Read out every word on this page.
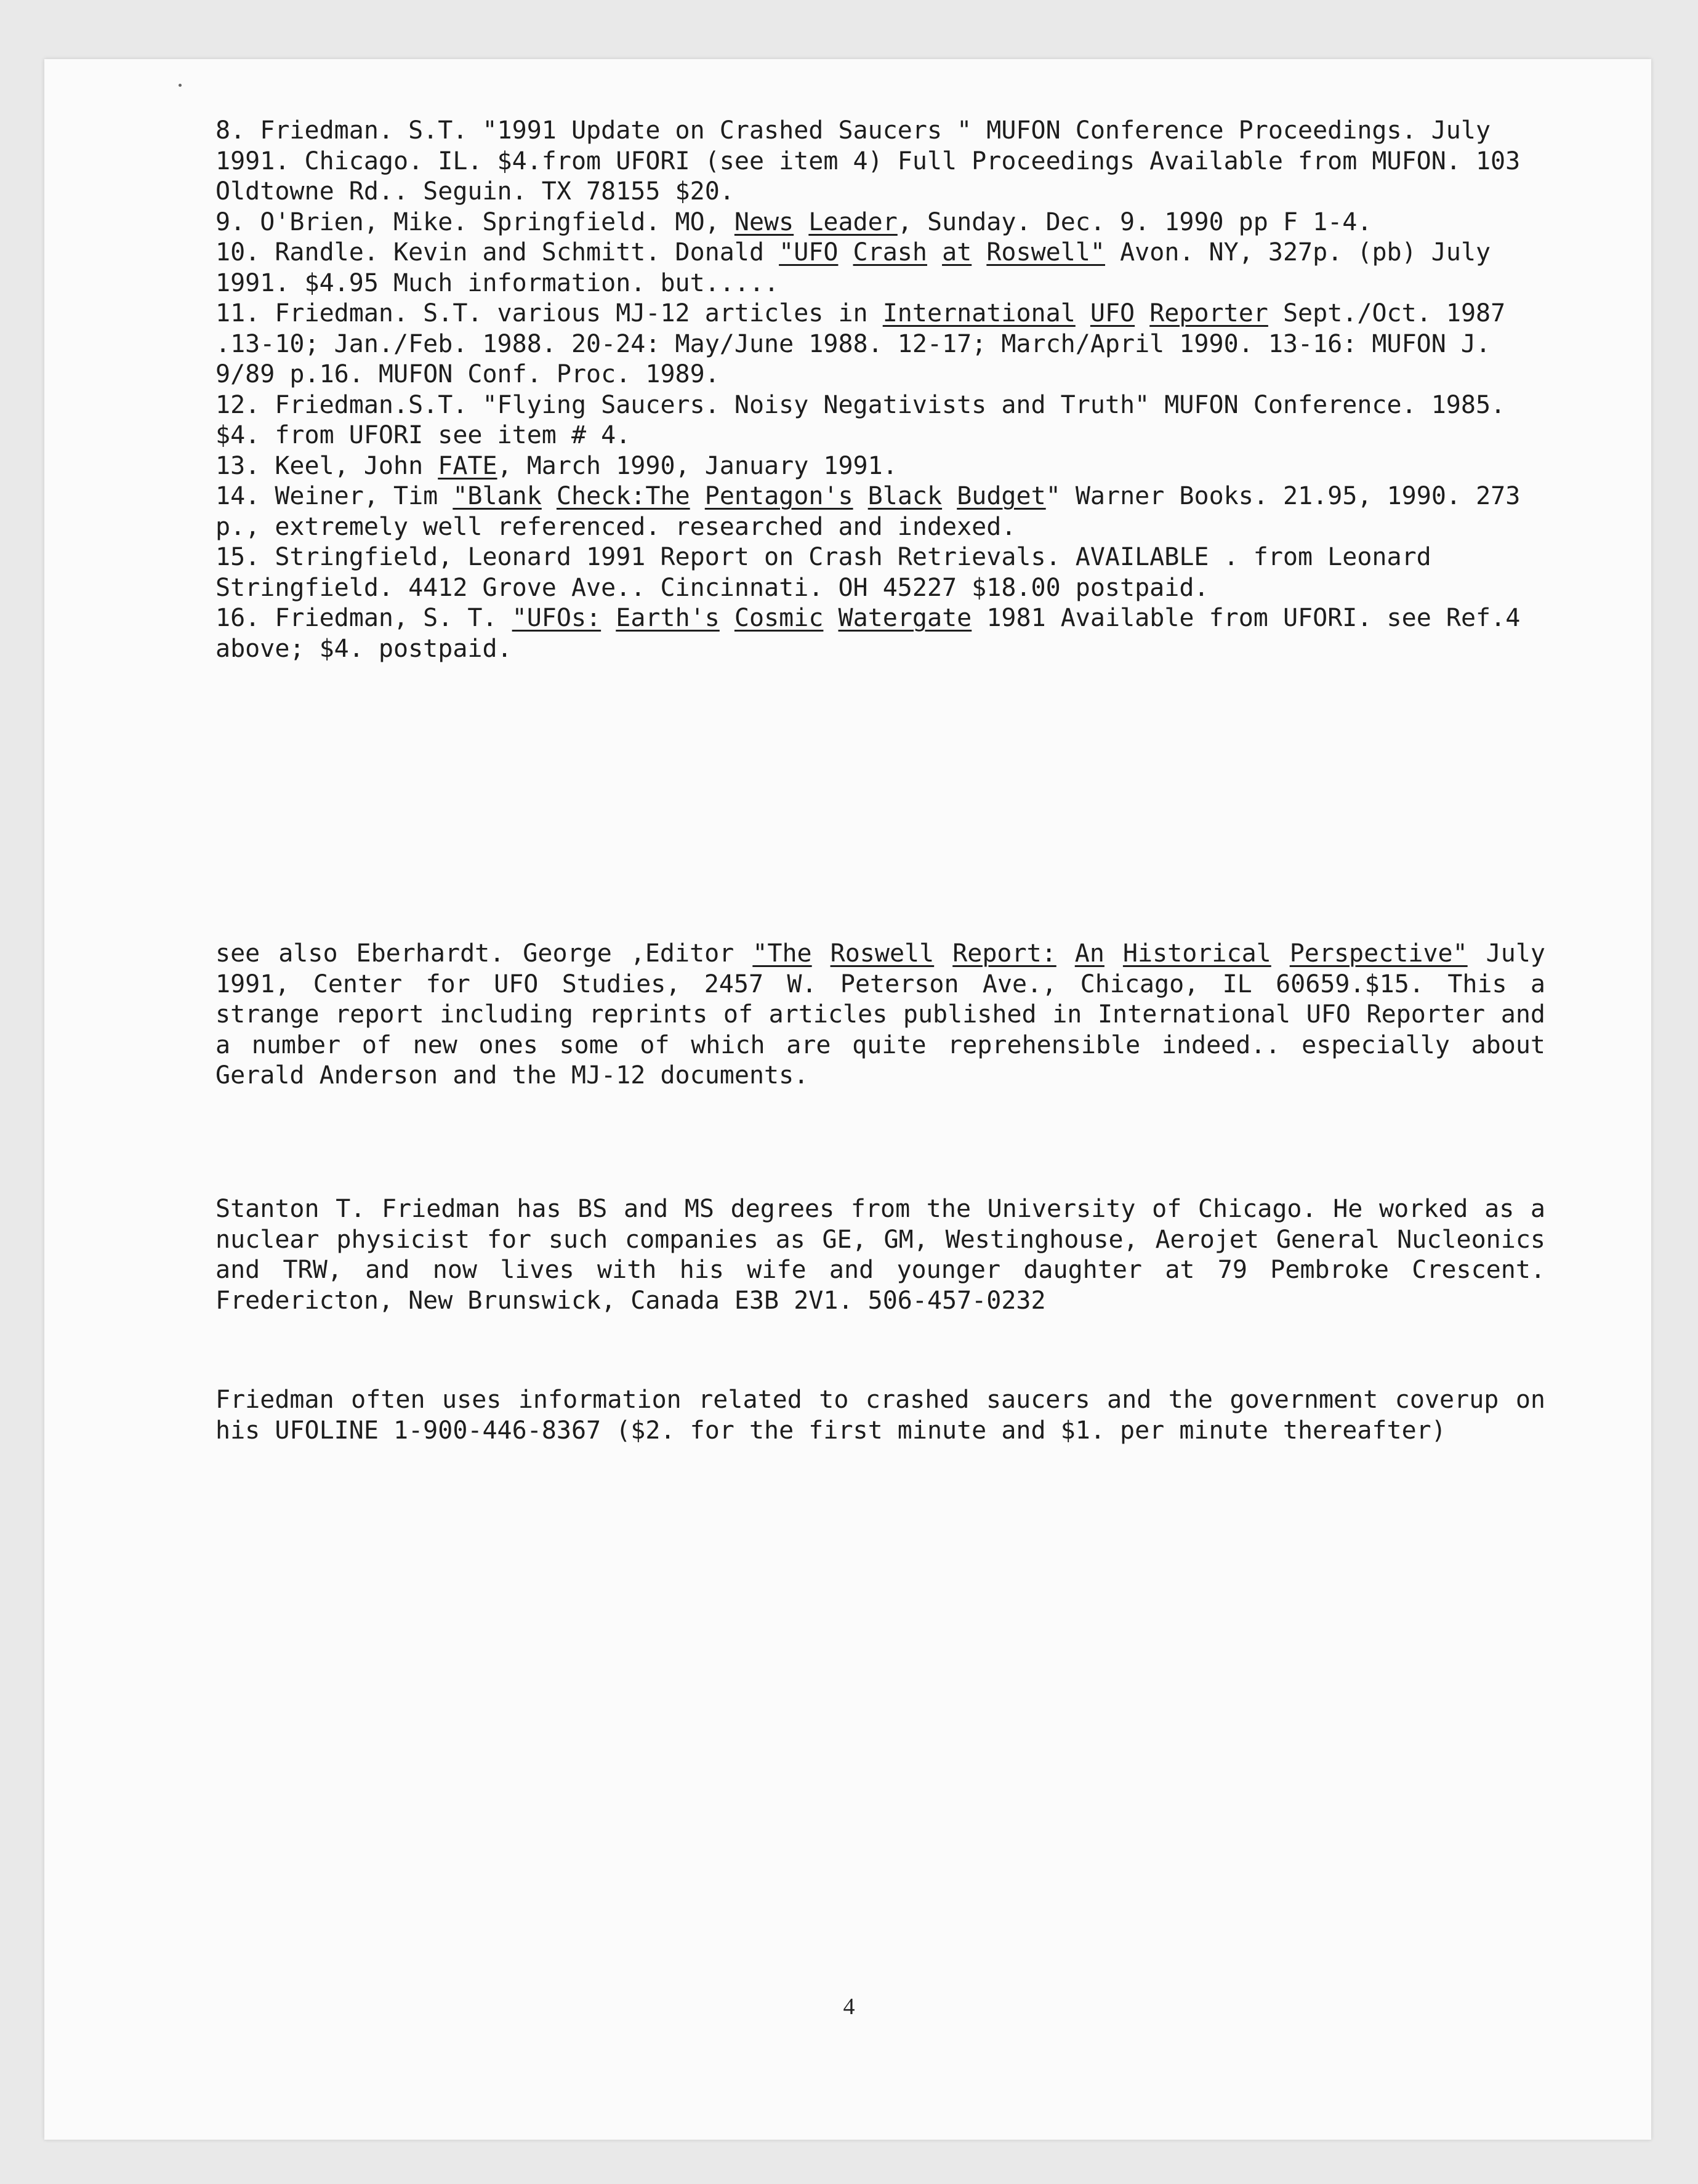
8. Friedman. S.T. "1991 Update on Crashed Saucers " MUFON Conference Proceedings. July 1991. Chicago. IL. $4.from UFORI (see item 4) Full Proceedings Available from MUFON. 103 Oldtowne Rd.. Seguin. TX 78155 $20.

9. O'Brien, Mike. Springfield. MO, News Leader, Sunday. Dec. 9. 1990 pp F 1-4.

10. Randle. Kevin and Schmitt. Donald "UFO Crash at Roswell" Avon. NY, 327p. (pb) July 1991. $4.95 Much information. but.....

11. Friedman. S.T. various MJ-12 articles in International UFO Reporter Sept./Oct. 1987 .13-10; Jan./Feb. 1988. 20-24: May/June 1988. 12-17; March/April 1990. 13-16: MUFON J. 9/89 p.16. MUFON Conf. Proc. 1989.

12. Friedman.S.T. "Flying Saucers. Noisy Negativists and Truth" MUFON Conference. 1985. $4. from UFORI see item # 4.

13. Keel, John FATE, March 1990, January 1991.

14. Weiner, Tim "Blank Check:The Pentagon's Black Budget" Warner Books. 21.95, 1990. 273 p., extremely well referenced. researched and indexed.

15. Stringfield, Leonard 1991 Report on Crash Retrievals. AVAILABLE . from Leonard Stringfield. 4412 Grove Ave.. Cincinnati. OH 45227 $18.00 postpaid.

16. Friedman, S. T. "UFOs: Earth's Cosmic Watergate 1981 Available from UFORI. see Ref.4 above; $4. postpaid.

see also Eberhardt. George ,Editor "The Roswell Report: An Historical Perspective" July 1991, Center for UFO Studies, 2457 W. Peterson Ave., Chicago, IL 60659.$15. This a strange report including reprints of articles published in International UFO Reporter and a number of new ones some of which are quite reprehensible indeed.. especially about Gerald Anderson and the MJ-12 documents.

Stanton T. Friedman has BS and MS degrees from the University of Chicago. He worked as a nuclear physicist for such companies as GE, GM, Westinghouse, Aerojet General Nucleonics and TRW, and now lives with his wife and younger daughter at 79 Pembroke Crescent. Fredericton, New Brunswick, Canada E3B 2V1. 506-457-0232

Friedman often uses information related to crashed saucers and the government coverup on his UFOLINE 1-900-446-8367 ($2. for the first minute and $1. per minute thereafter)

4
